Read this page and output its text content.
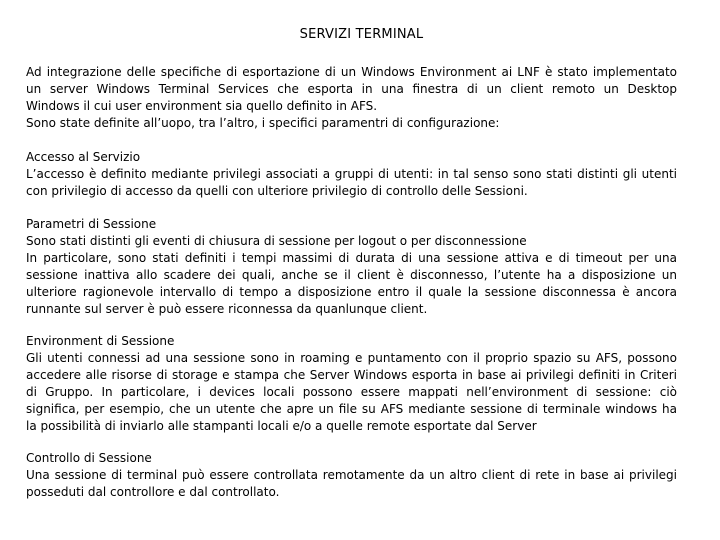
SERVIZI TERMINAL
Ad integrazione delle specifiche di esportazione di un Windows Environment ai LNF è stato implementato
un server Windows Terminal Services che esporta in una finestra di un client remoto un Desktop
Windows il cui user environment sia quello definito in AFS.
Sono state definite all’uopo, tra l’altro, i specifici paramentri di configurazione:
Accesso al Servizio
L’accesso è definito mediante privilegi associati a gruppi di utenti: in tal senso sono stati distinti gli utenti
con privilegio di accesso da quelli con ulteriore privilegio di controllo delle Sessioni.
Parametri di Sessione
Sono stati distinti gli eventi di chiusura di sessione per logout o per disconnessione
In particolare, sono stati definiti i tempi massimi di durata di una sessione attiva e di timeout per una
sessione inattiva allo scadere dei quali, anche se il client è disconnesso, l’utente ha a disposizione un
ulteriore ragionevole intervallo di tempo a disposizione entro il quale la sessione disconnessa è ancora
runnante sul server è può essere riconnessa da quanlunque client.
Environment di Sessione
Gli utenti connessi ad una sessione sono in roaming e puntamento con il proprio spazio su AFS, possono
accedere alle risorse di storage e stampa che Server Windows esporta in base ai privilegi definiti in Criteri
di Gruppo. In particolare, i devices locali possono essere mappati nell’environment di sessione: ciò
significa, per esempio, che un utente che apre un file su AFS mediante sessione di terminale windows ha
la possibilità di inviarlo alle stampanti locali e/o a quelle remote esportate dal Server
Controllo di Sessione
Una sessione di terminal può essere controllata remotamente da un altro client di rete in base ai privilegi
posseduti dal controllore e dal controllato.
